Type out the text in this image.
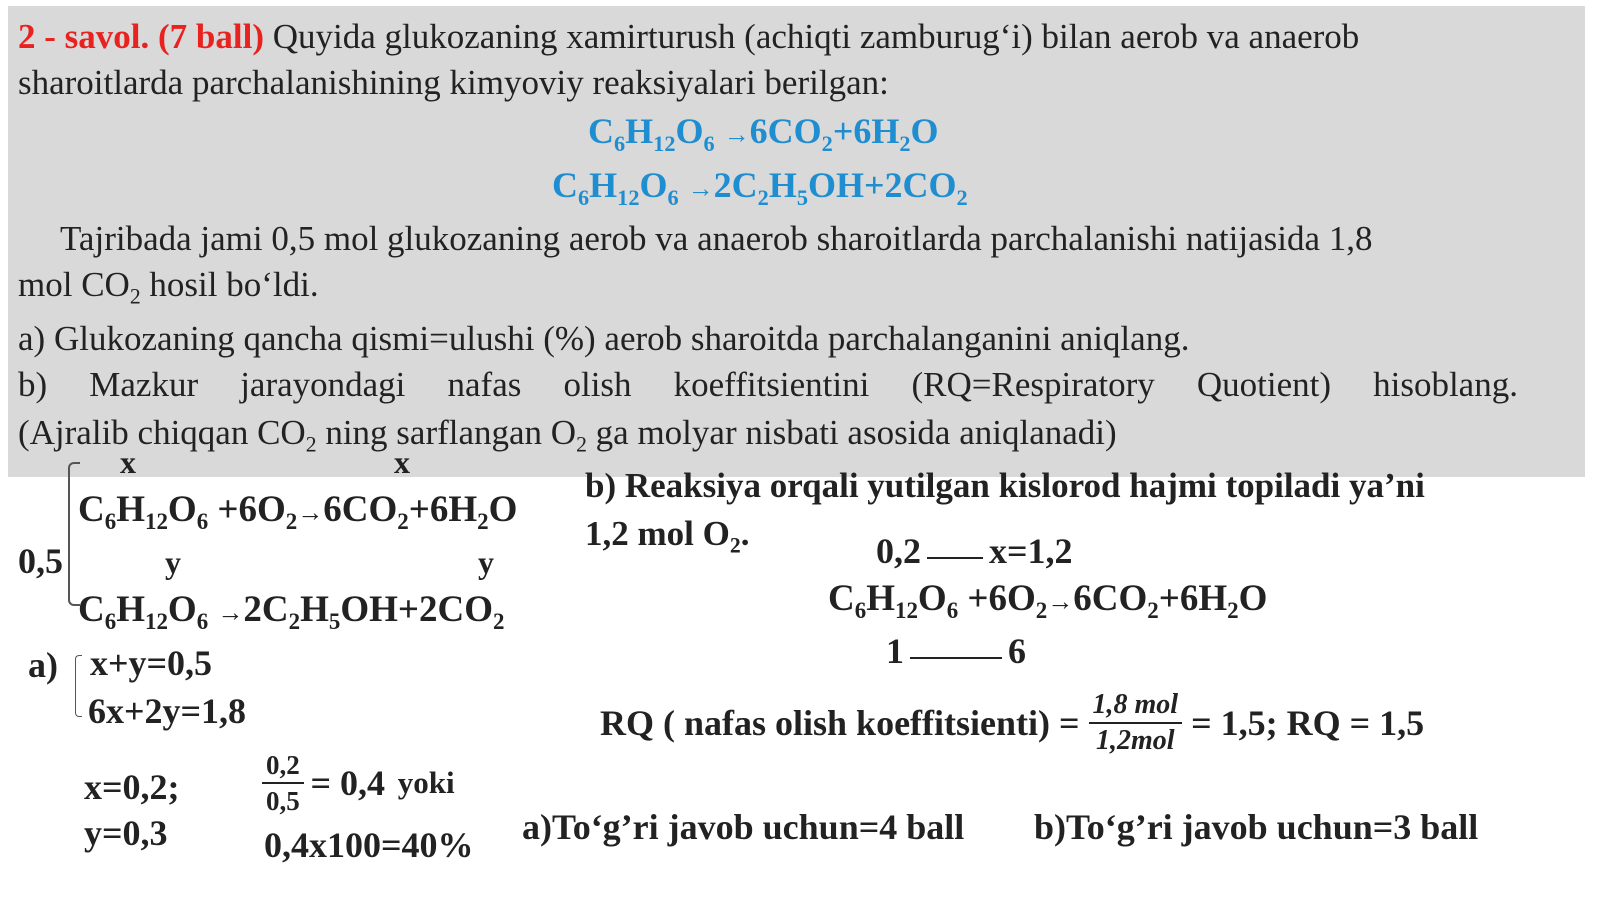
2 - savol. (7 ball) Quyida glukozaning xamirturush (achiqti zamburug‘i) bilan aerob va anaerob
sharoitlarda parchalanishining kimyoviy reaksiyalari berilgan:
$C_6H_{12}O_6 \to 6CO_2+6H_2O$
$C_6H_{12}O_6 \to 2C_2H_5OH+2CO_2$
Tajribada jami 0,5 mol glukozaning aerob va anaerob sharoitlarda parchalanishi natijasida 1,8
mol $CO_2$ hosil bo‘ldi.
a) Glukozaning qancha qismi=ulushi (%) aerob sharoitda parchalanganini aniqlang.
b) Mazkur jarayondagi nafas olish koeffitsientini (RQ=Respiratory Quotient) hisoblang.
(Ajralib chiqqan $CO_2$ ning sarflangan $O_2$ ga molyar nisbati asosida aniqlanadi)
x	x
0,5
$C_6H_{12}O_6 +6O_2\to 6CO_2+6H_2O$
y	y
$C_6H_{12}O_6 \to 2C_2H_5OH+2CO_2$
a) x+y=0,5
6x+2y=1,8
x=0,2;
y=0,3
$\frac{0,2}{0,5} = 0,4$ yoki
0,4x100=40%
b) Reaksiya orqali yutilgan kislorod hajmi topiladi ya’ni
1,2 mol $O_2$.	0,2 x=1,2
$C_6H_{12}O_6 +6O_2\to 6CO_2+6H_2O$
1	6
RQ ( nafas olish koeffitsienti) = $\frac{\text{1,8 mol}}{\text{1,2mol}} = 1,5$; RQ = 1,5
a)To‘g’ri javob uchun=4 ball b)To‘g’ri javob uchun=3 ball
